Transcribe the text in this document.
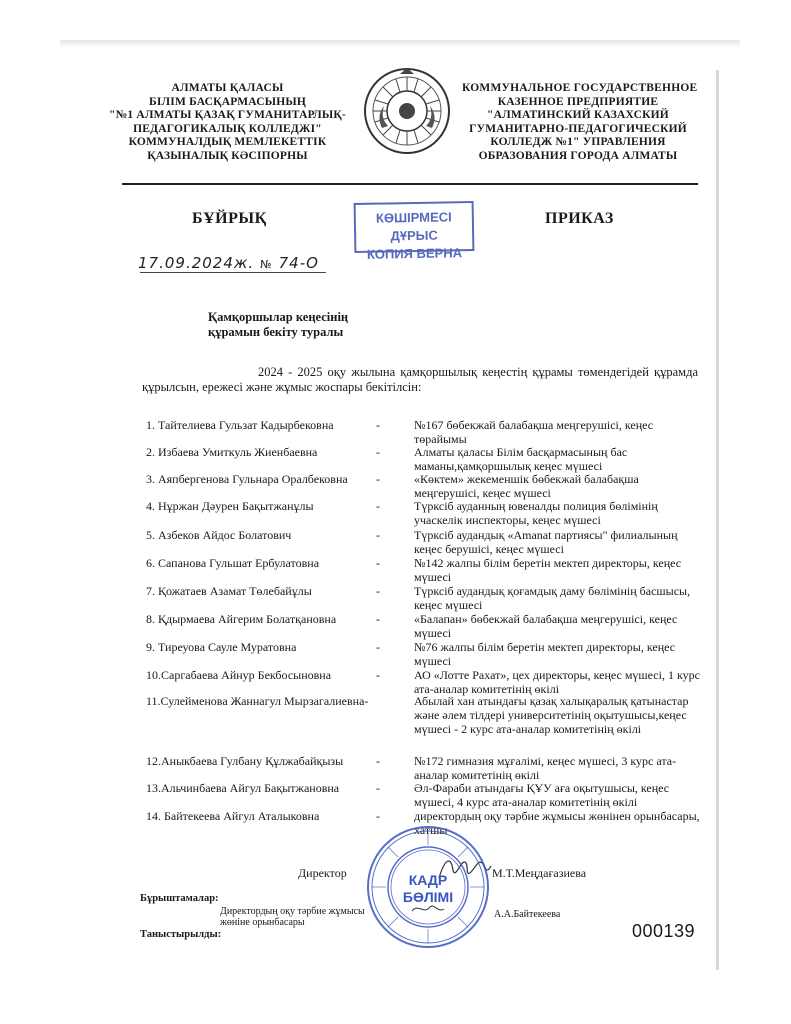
АЛМАТЫ ҚАЛАСЫ
БІЛІМ БАСҚАРМАСЫНЫҢ
"№1 АЛМАТЫ ҚАЗАҚ ГУМАНИТАРЛЫҚ-
ПЕДАГОГИКАЛЫҚ КОЛЛЕДЖІ"
КОММУНАЛДЫҚ МЕМЛЕКЕТТІК
ҚАЗЫНАЛЫҚ КӘСІПОРНЫ
КОММУНАЛЬНОЕ ГОСУДАРСТВЕННОЕ
КАЗЕННОЕ ПРЕДПРИЯТИЕ
"АЛМАТИНСКИЙ КАЗАХСКИЙ
ГУМАНИТАРНО-ПЕДАГОГИЧЕСКИЙ
КОЛЛЕДЖ №1" УПРАВЛЕНИЯ
ОБРАЗОВАНИЯ ГОРОДА АЛМАТЫ
БҰЙРЫҚ	ПРИКАЗ
КӨШІРМЕСІ ДҰРЫС
КОПИЯ ВЕРНА
17.09.2024ж. № 74-О
Қамқоршылар кеңесінің
құрамын бекіту туралы
2024 - 2025 оқу жылына қамқоршылық кеңестің құрамы төмендегідей құрамда құрылсын, ережесі және жұмыс жоспары бекітілсін:
1. Тайтелиева Гульзат Кадырбековна	-	№167 бөбекжай балабақша меңгерушісі, кеңес төрайымы
2. Избаева Умиткуль Жиенбаевна	-	Алматы қаласы Білім басқармасының бас маманы,қамқоршылық кеңес мүшесі
3. Аяпбергенова Гульнара Оралбековна -	«Көктем» жекеменшік бөбекжай балабақша меңгерушісі, кеңес мүшесі
4. Нұржан Дәурен Бақытжанұлы	-	Түрксіб ауданның ювеналды полиция бөлімінің учаскелік инспекторы, кеңес мүшесі
5. Азбеков Айдос Болатович	-	Түрксіб аудандық «Amanat партиясы" филиалының кеңес берушісі, кеңес мүшесі
6. Сапанова Гульшат Ербулатовна	-	№142 жалпы білім беретін мектеп директоры, кеңес мүшесі
7. Қожатаев Азамат Төлебайұлы	-	Түрксіб аудандық қоғамдық даму бөлімінің басшысы, кеңес мүшесі
8. Қдырмаева Айгерим Болатқановна	-	«Балапан» бөбекжай балабақша меңгерушісі, кеңес мүшесі
9. Тиреуова Сауле Муратовна	-	№76 жалпы білім беретін мектеп директоры, кеңес мүшесі
10.Саргабаева Айнур Бекбосыновна	-	АО «Лотте Рахат», цех директоры, кеңес мүшесі, 1 курс ата-аналар комитетінің өкілі
11.Сулейменова Жаннагул Мырзагалиевна-	Абылай хан атындағы қазақ халықаралық қатынастар және әлем тілдері университетінің оқытушысы,кеңес мүшесі - 2 курс ата-аналар комитетінің өкілі
12.Аныкбаева Гулбану Құлжабайқызы	-	№172 гимназия мұғалімі, кеңес мүшесі, 3 курс ата-аналар комитетінің өкілі
13.Альчинбаева Айгул Бақытжановна	-	Әл-Фараби атындағы ҚҰУ аға оқытушысы, кеңес мүшесі, 4 курс ата-аналар комитетінің өкілі
14. Байтекеева Айгул Аталыковна	-	директордың оқу тәрбие жұмысы жөнінен орынбасары, хатшы
Директор	М.Т.Меңдағазиева
КАДР
БӨЛІМІ
Бұрыштамалар:
Директордың оқу тәрбие жұмысы жөніне орынбасары
А.А.Байтекеева
Таныстырылды:	000139
